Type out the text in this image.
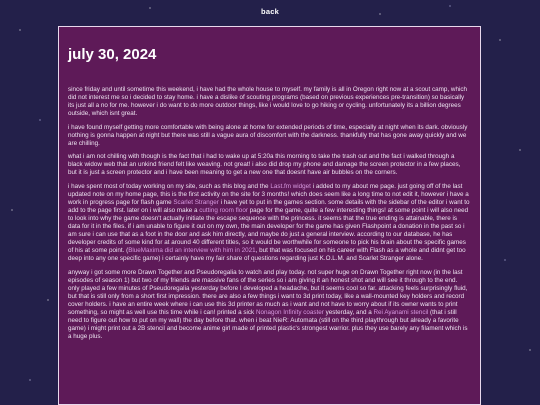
back
july 30, 2024

since friday and until sometime this weekend, i have had the whole house to myself. my family is all in Oregon right now at a scout camp, which did not interest me so i decided to stay home. i have a dislike of scouting programs (based on previous experiences pre-transition) so basically its just all a no for me. however i do want to do more outdoor things, like i would love to go hiking or cycling. unfortunately its a billion degrees outside, which isnt great.

i have found myself getting more comfortable with being alone at home for extended periods of time, especially at night when its dark. obviously nothing is gonna happen at night but there was still a vague aura of discomfort with the darkness. thankfully that has gone away quickly and we are chilling.

what i am not chilling with though is the fact that i had to wake up at 5:20a this morning to take the trash out and the fact i walked through a black widow web that an unkind friend felt like weaving. not great! i also did drop my phone and damage the screen protector in a few places, but it is just a screen protector and i have been meaning to get a new one that doesnt have air bubbles on the corners.

i have spent most of today working on my site, such as this blog and the Last.fm widget i added to my about me page. just going off of the last updated note on my home page, this is the first activity on the site for 3 months! which does seem like a long time to not edit it, however i have a work in progress page for flash game Scarlet Stranger i have yet to put in the games section. some details with the sidebar of the editor i want to add to the page first. later on i will also make a cutting room floor page for the game, quite a few interesting things! at some point i will also need to look into why the game doesn't actually initiate the escape sequence with the princess. it seems that the true ending is attainable, there is data for it in the files. if i am unable to figure it out on my own, the main developer for the game has given Flashpoint a donation in the past so i am sure i can use that as a foot in the door and ask him directly, and maybe do just a general interview. according to our database, he has developer credits of some kind for at around 40 different titles, so it would be worthwhile for someone to pick his brain about the specific games of his at some point. (BlueMaxima did an interview with him in 2021, but that was focused on his career with Flash as a whole and didnt get too deep into any one specific game) i certainly have my fair share of questions regarding just K.O.L.M. and Scarlet Stranger alone.

anyway i got some more Drawn Together and Pseudoregalia to watch and play today. not super huge on Drawn Together right now (in the last episodes of season 1) but two of my friends are massive fans of the series so i am giving it an honest shot and will see it through to the end. only played a few minutes of Pseudoregalia yesterday before I developed a headache, but it seems cool so far. attacking feels surprisingly fluid, but that is still only from a short first impression. there are also a few things i want to 3d print today, like a wall-mounted key holders and record cover holders. i have an entire week where i can use this 3d printer as much as i want and not have to worry about if its owner wants to print something, so might as well use this time while i can! printed a sick Nonagon Infinity coaster yesterday, and a Rei Ayanami stencil (that i still need to figure out how to put on my wall) the day before that. when i beat NieR: Automata (still on the third playthrough but already a favorite game) i might print out a 2B stencil and become anime girl made of printed plastic's strongest warrior. plus they use barely any filament which is a huge plus.
